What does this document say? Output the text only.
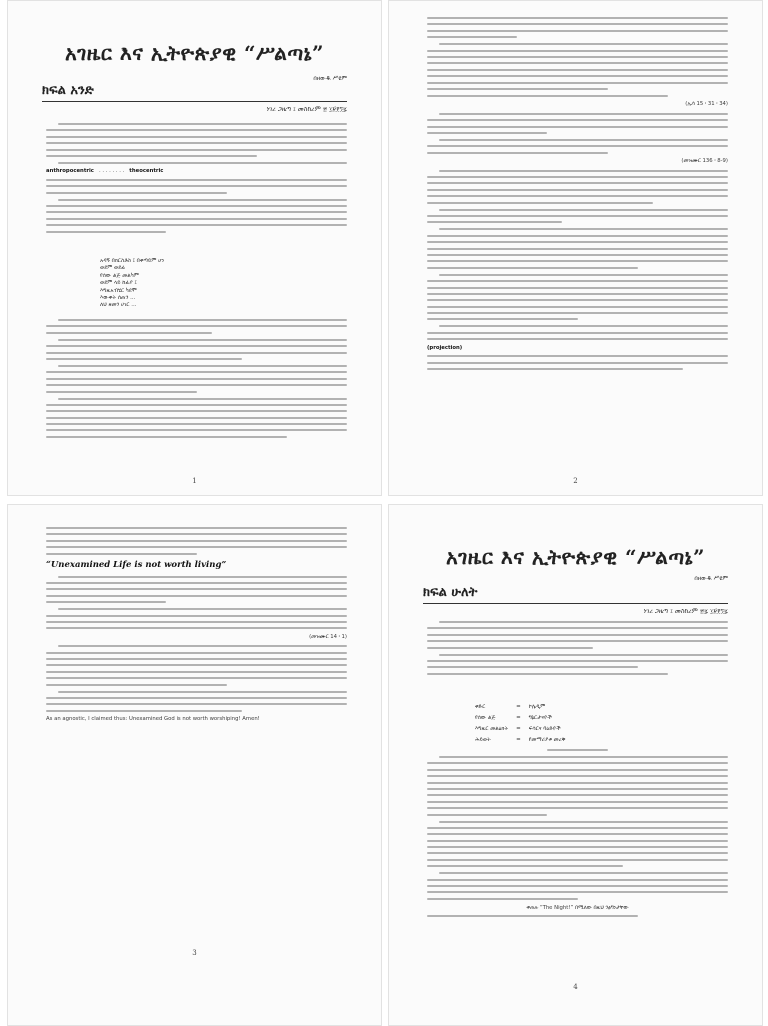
አገዜር እና ኢትዮጵያዊ “ሥልጣኔ”
በዘውዱ ሥዩም
ክፍል አንድ
ነገረ ጋዜጣ ፤ መስከረም ፳ ፲፱፻፺፯
anthropocentric   . . . . . . . .   theocentric
አዳኝ በክርስቶስ ፤ በቀጣይም ሆነ
ወደም ወደፊ
የሰው ልጅ መልካም
ወደም ላይ ከፊያ ፤
እግዚአብሄር ካደሞ
እውቀት ሰጠን ...
ለህ ዘመን ሀገር ...
1
(ኢሳ 15 ፡ 31 ፡ 34)
(መዝሙር 136 ፡ 8-9)
(projection)
2
“Unexamined Life is not worth living”
(መዝሙር 14 ፡ 1)
As an agnostic, I claimed thus: Unexamined God is not worth worshiping! Amen!
3
አገዜር እና ኢትዮጵያዊ “ሥልጣኔ”
በዘውዱ ሥዩም
ክፍል ሁለት
ነገረ ጋዜጣ ፤ መስከረም ፳፯ ፲፱፻፺፯
ቀድር	=	ኮሌዲም
የሰው ልጅ	=	ግኔርታናዮች
እግዚር መልዕክት	=	ፍሳርና ባዕድዮች
ሕይወት	=	የመማሪያቱ መረቅ
ቀጠሉ “The Night!” በሚለው በዚህ ንፅግነታቸው
4
